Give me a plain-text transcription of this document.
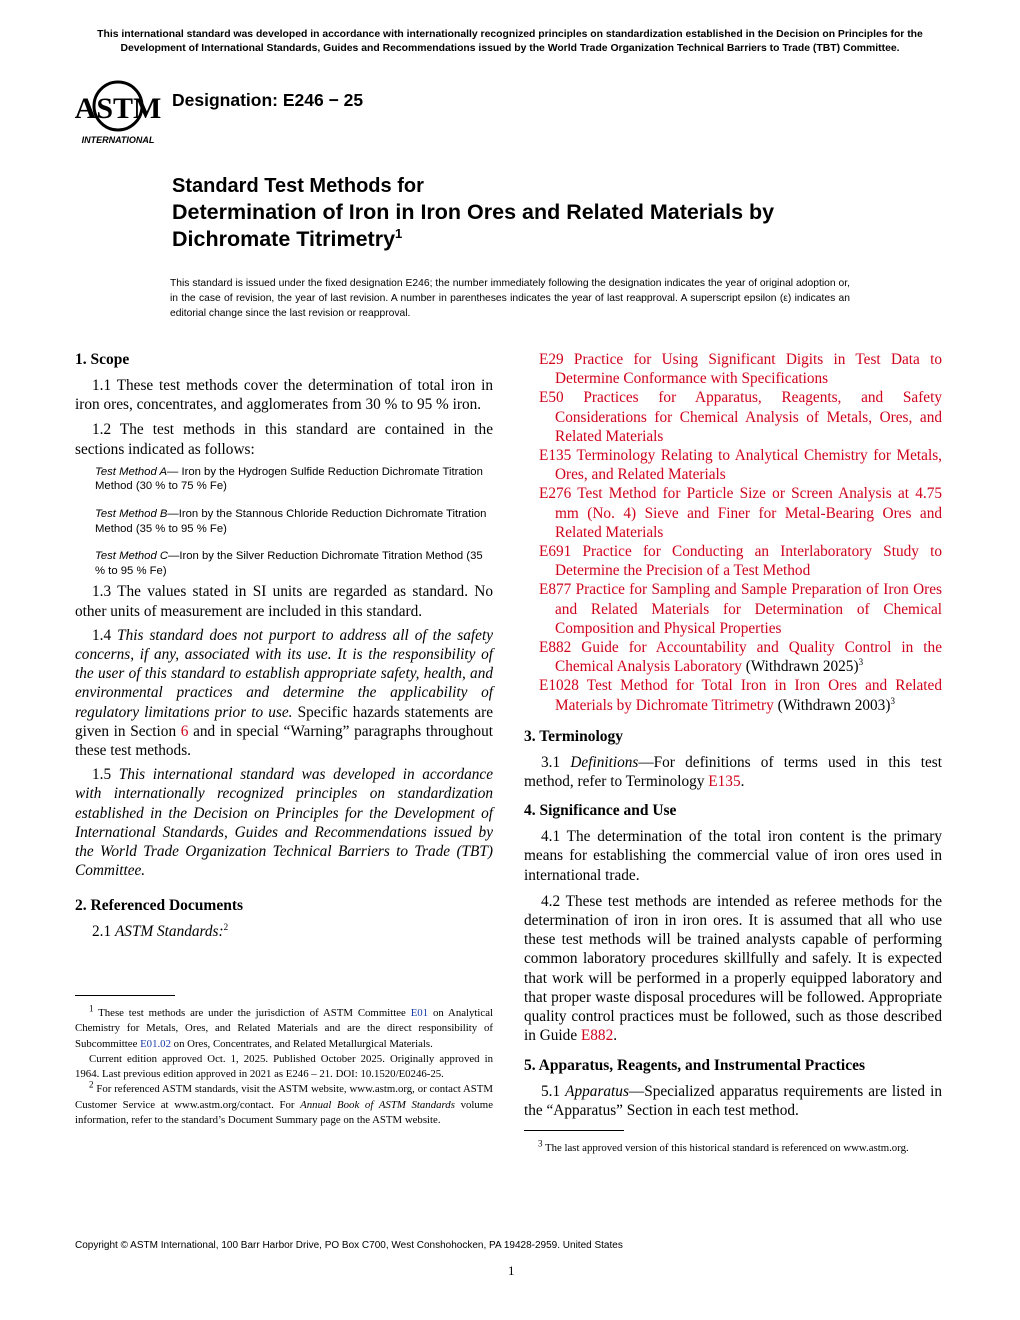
This international standard was developed in accordance with internationally recognized principles on standardization established in the Decision on Principles for the Development of International Standards, Guides and Recommendations issued by the World Trade Organization Technical Barriers to Trade (TBT) Committee.
ASTM
INTERNATIONAL
Designation: E246 − 25
Standard Test Methods for
Determination of Iron in Iron Ores and Related Materials by Dichromate Titrimetry$^1$
This standard is issued under the fixed designation E246; the number immediately following the designation indicates the year of original adoption or, in the case of revision, the year of last revision. A number in parentheses indicates the year of last reapproval. A superscript epsilon (ε) indicates an editorial change since the last revision or reapproval.
1. Scope

1.1 These test methods cover the determination of total iron in iron ores, concentrates, and agglomerates from 30 % to 95 % iron.

1.2 The test methods in this standard are contained in the sections indicated as follows:

Test Method A— Iron by the Hydrogen Sulfide Reduction Dichromate Titration Method (30 % to 75 % Fe)

Test Method B—Iron by the Stannous Chloride Reduction Dichromate Titration Method (35 % to 95 % Fe)

Test Method C—Iron by the Silver Reduction Dichromate Titration Method (35 % to 95 % Fe)

1.3 The values stated in SI units are regarded as standard. No other units of measurement are included in this standard.

1.4 This standard does not purport to address all of the safety concerns, if any, associated with its use. It is the responsibility of the user of this standard to establish appropriate safety, health, and environmental practices and determine the applicability of regulatory limitations prior to use. Specific hazards statements are given in Section 6 and in special “Warning” paragraphs throughout these test methods.

1.5 This international standard was developed in accordance with internationally recognized principles on standardization established in the Decision on Principles for the Development of International Standards, Guides and Recommendations issued by the World Trade Organization Technical Barriers to Trade (TBT) Committee.

2. Referenced Documents

2.1 ASTM Standards:$^2$

$^1$ These test methods are under the jurisdiction of ASTM Committee E01 on Analytical Chemistry for Metals, Ores, and Related Materials and are the direct responsibility of Subcommittee E01.02 on Ores, Concentrates, and Related Metallurgical Materials.

Current edition approved Oct. 1, 2025. Published October 2025. Originally approved in 1964. Last previous edition approved in 2021 as E246 – 21. DOI: 10.1520/E0246-25.

$^2$ For referenced ASTM standards, visit the ASTM website, www.astm.org, or contact ASTM Customer Service at www.astm.org/contact. For Annual Book of ASTM Standards volume information, refer to the standard’s Document Summary page on the ASTM website.

E29 Practice for Using Significant Digits in Test Data to Determine Conformance with Specifications

E50 Practices for Apparatus, Reagents, and Safety Considerations for Chemical Analysis of Metals, Ores, and Related Materials

E135 Terminology Relating to Analytical Chemistry for Metals, Ores, and Related Materials

E276 Test Method for Particle Size or Screen Analysis at 4.75 mm (No. 4) Sieve and Finer for Metal-Bearing Ores and Related Materials

E691 Practice for Conducting an Interlaboratory Study to Determine the Precision of a Test Method

E877 Practice for Sampling and Sample Preparation of Iron Ores and Related Materials for Determination of Chemical Composition and Physical Properties

E882 Guide for Accountability and Quality Control in the Chemical Analysis Laboratory (Withdrawn 2025)$^3$

E1028 Test Method for Total Iron in Iron Ores and Related Materials by Dichromate Titrimetry (Withdrawn 2003)$^3$

3. Terminology

3.1 Definitions—For definitions of terms used in this test method, refer to Terminology E135.

4. Significance and Use

4.1 The determination of the total iron content is the primary means for establishing the commercial value of iron ores used in international trade.

4.2 These test methods are intended as referee methods for the determination of iron in iron ores. It is assumed that all who use these test methods will be trained analysts capable of performing common laboratory procedures skillfully and safely. It is expected that work will be performed in a properly equipped laboratory and that proper waste disposal procedures will be followed. Appropriate quality control practices must be followed, such as those described in Guide E882.

5. Apparatus, Reagents, and Instrumental Practices

5.1 Apparatus—Specialized apparatus requirements are listed in the “Apparatus” Section in each test method.

$^3$ The last approved version of this historical standard is referenced on www.astm.org.

Copyright © ASTM International, 100 Barr Harbor Drive, PO Box C700, West Conshohocken, PA 19428-2959. United States
1
